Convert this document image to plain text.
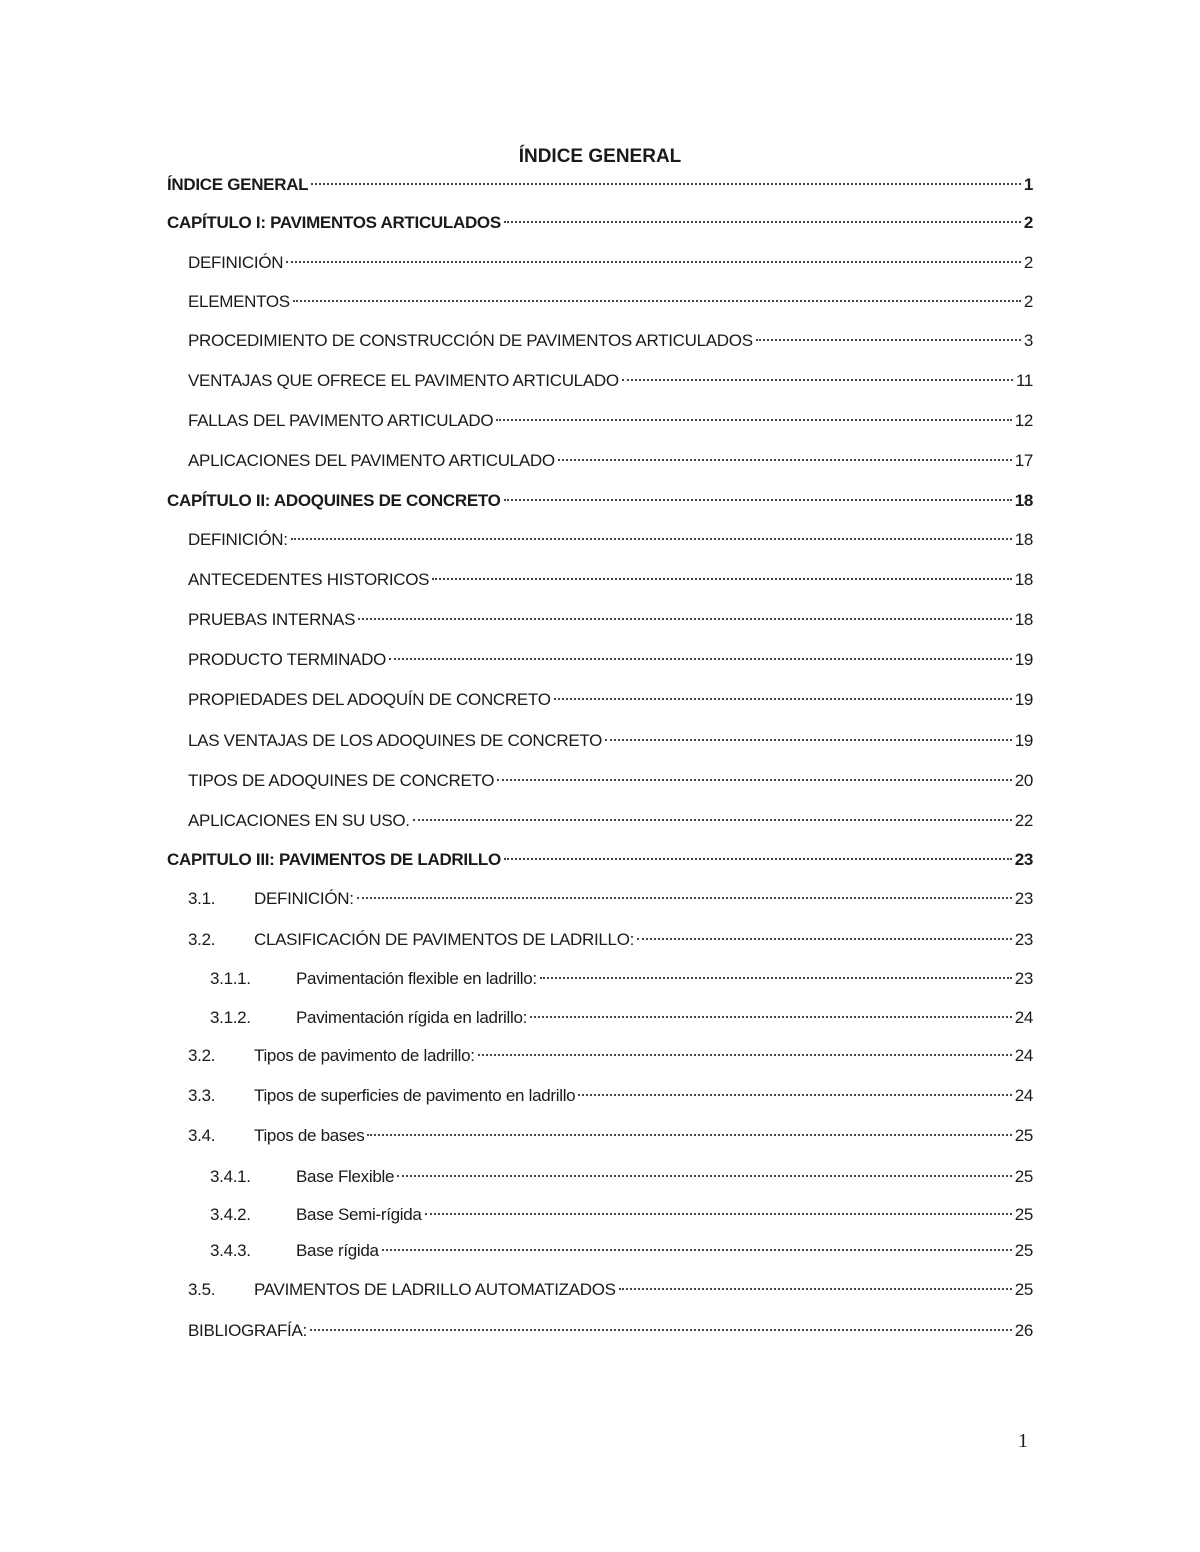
ÍNDICE GENERAL
ÍNDICE GENERAL	1
CAPÍTULO I: PAVIMENTOS ARTICULADOS	2
DEFINICIÓN	2
ELEMENTOS	2
PROCEDIMIENTO DE CONSTRUCCIÓN DE PAVIMENTOS ARTICULADOS	3
VENTAJAS QUE OFRECE EL PAVIMENTO ARTICULADO	11
FALLAS DEL PAVIMENTO ARTICULADO	12
APLICACIONES DEL PAVIMENTO ARTICULADO	17
CAPÍTULO II: ADOQUINES DE CONCRETO	18
DEFINICIÓN:	18
ANTECEDENTES HISTORICOS	18
PRUEBAS INTERNAS	18
PRODUCTO TERMINADO	19
PROPIEDADES DEL ADOQUÍN DE CONCRETO	19
LAS VENTAJAS DE LOS ADOQUINES DE CONCRETO	19
TIPOS DE ADOQUINES DE CONCRETO	20
APLICACIONES EN SU USO.	22
CAPITULO III: PAVIMENTOS DE LADRILLO	23
3.1.	DEFINICIÓN:	23
3.2.	CLASIFICACIÓN DE PAVIMENTOS DE LADRILLO:	23
3.1.1.	Pavimentación flexible en ladrillo:	23
3.1.2.	Pavimentación rígida en ladrillo:	24
3.2.	Tipos de pavimento de ladrillo:	24
3.3.	Tipos de superficies de pavimento en ladrillo	24
3.4.	Tipos de bases	25
3.4.1.	Base Flexible	25
3.4.2.	Base Semi-rígida	25
3.4.3.	Base rígida	25
3.5.	PAVIMENTOS DE LADRILLO AUTOMATIZADOS	25
BIBLIOGRAFÍA:	26
1
